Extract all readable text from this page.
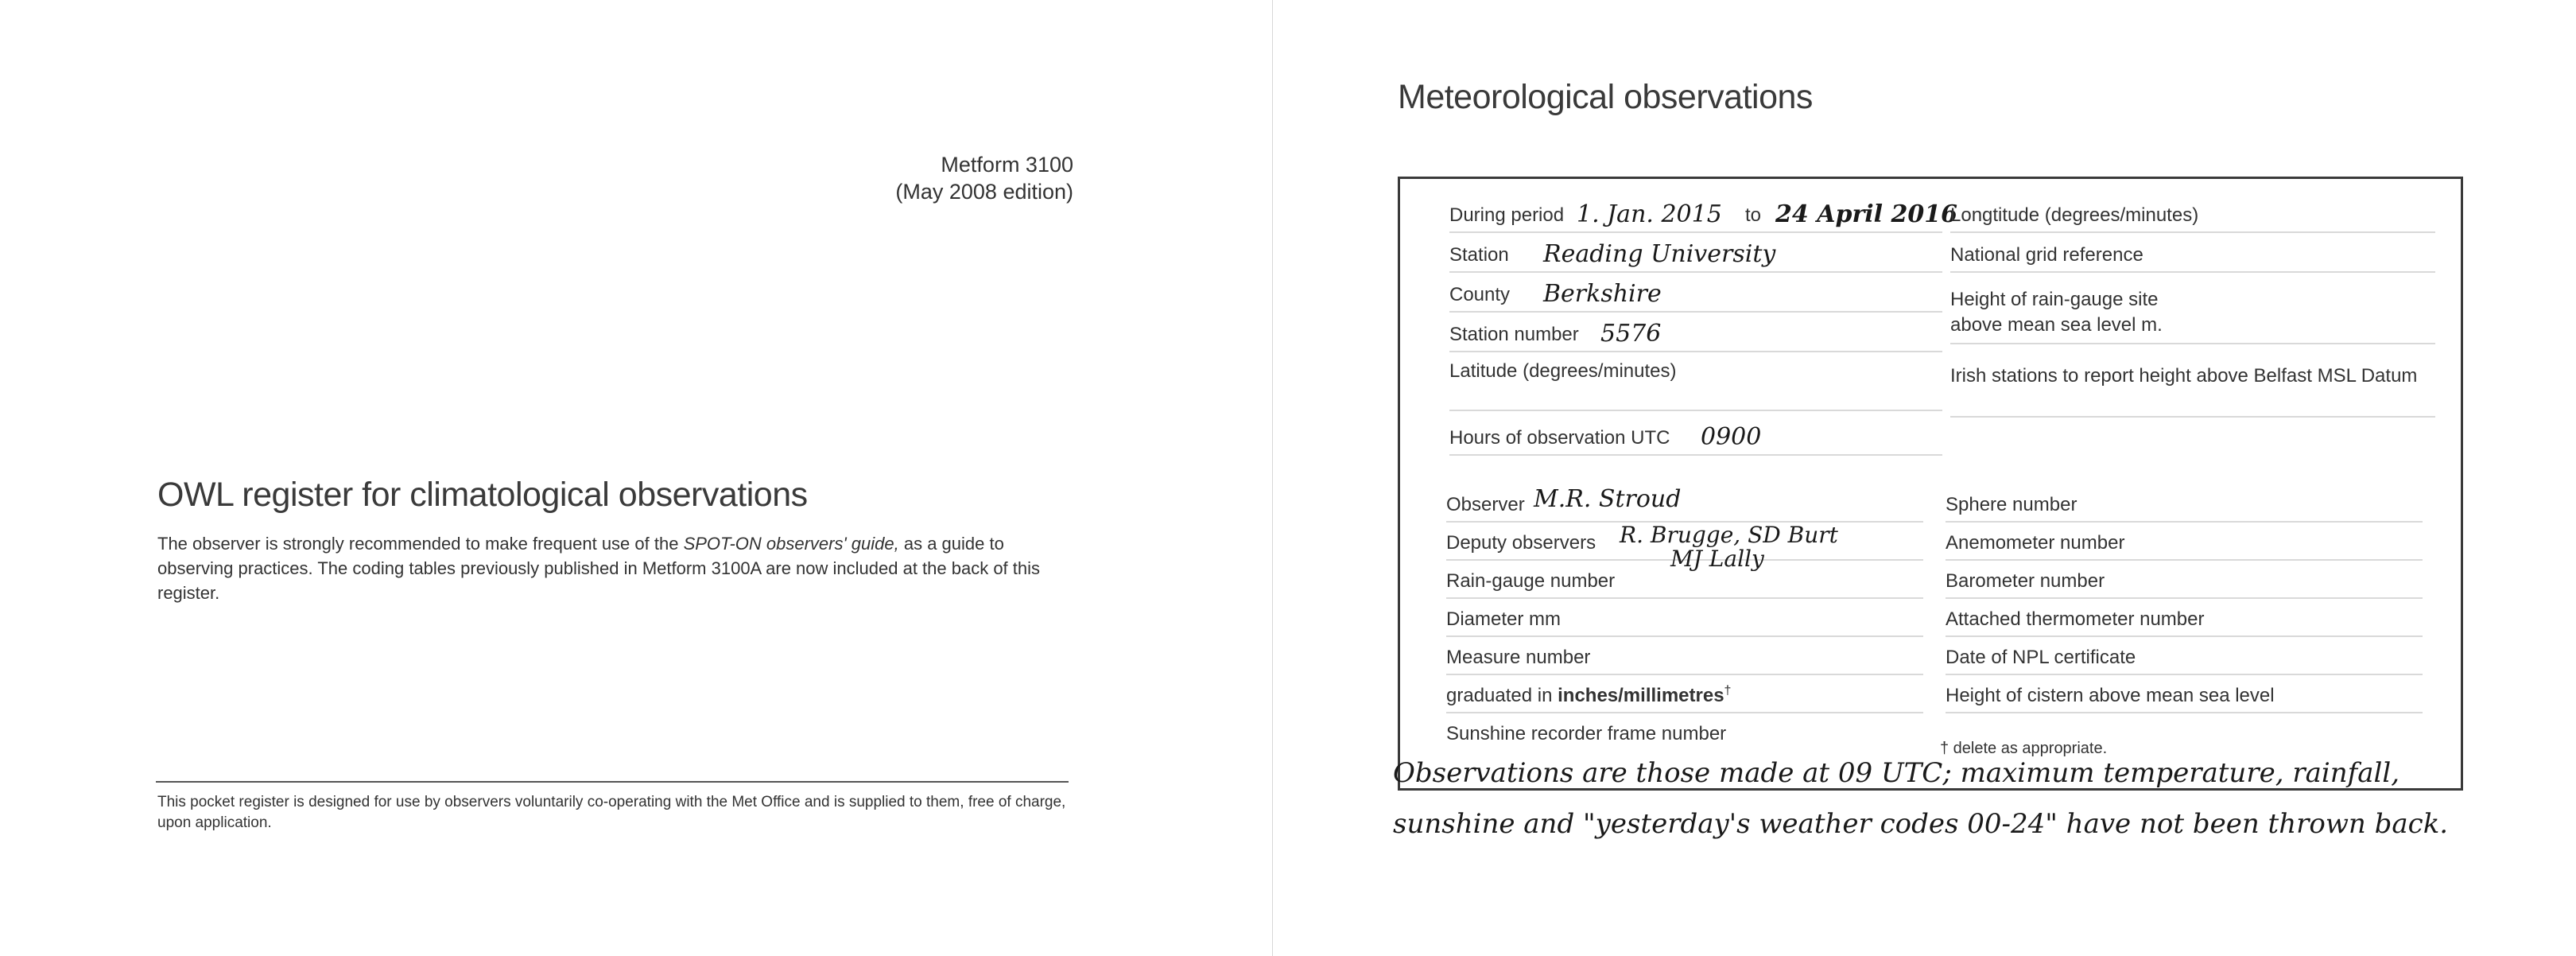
Metform 3100
(May 2008 edition)
OWL register for climatological observations
The observer is strongly recommended to make frequent use of the SPOT-ON observers' guide, as a guide to observing practices. The coding tables previously published in Metform 3100A are now included at the back of this register.
This pocket register is designed for use by observers voluntarily co-operating with the Met Office and is supplied to them, free of charge, upon application.
Meteorological observations
During period 1. Jan. 2015 to 24 April 2016
Station Reading University
County Berkshire
Station number 5576
Latitude (degrees/minutes)
Hours of observation UTC 0900
Observer M.R. Stroud
Deputy observers R. Brugge, SD Burt
MJ Lally
Rain-gauge number
Diameter mm
Measure number
graduated in inches/millimetres†
Sunshine recorder frame number
Longtitude (degrees/minutes)
National grid reference
Height of rain-gauge site
above mean sea level m.
Irish stations to report height above Belfast MSL Datum
Sphere number
Anemometer number
Barometer number
Attached thermometer number
Date of NPL certificate
Height of cistern above mean sea level
† delete as appropriate.
Observations are those made at 09 UTC; maximum temperature, rainfall, sunshine and "yesterday's weather codes 00-24" have not been thrown back.
